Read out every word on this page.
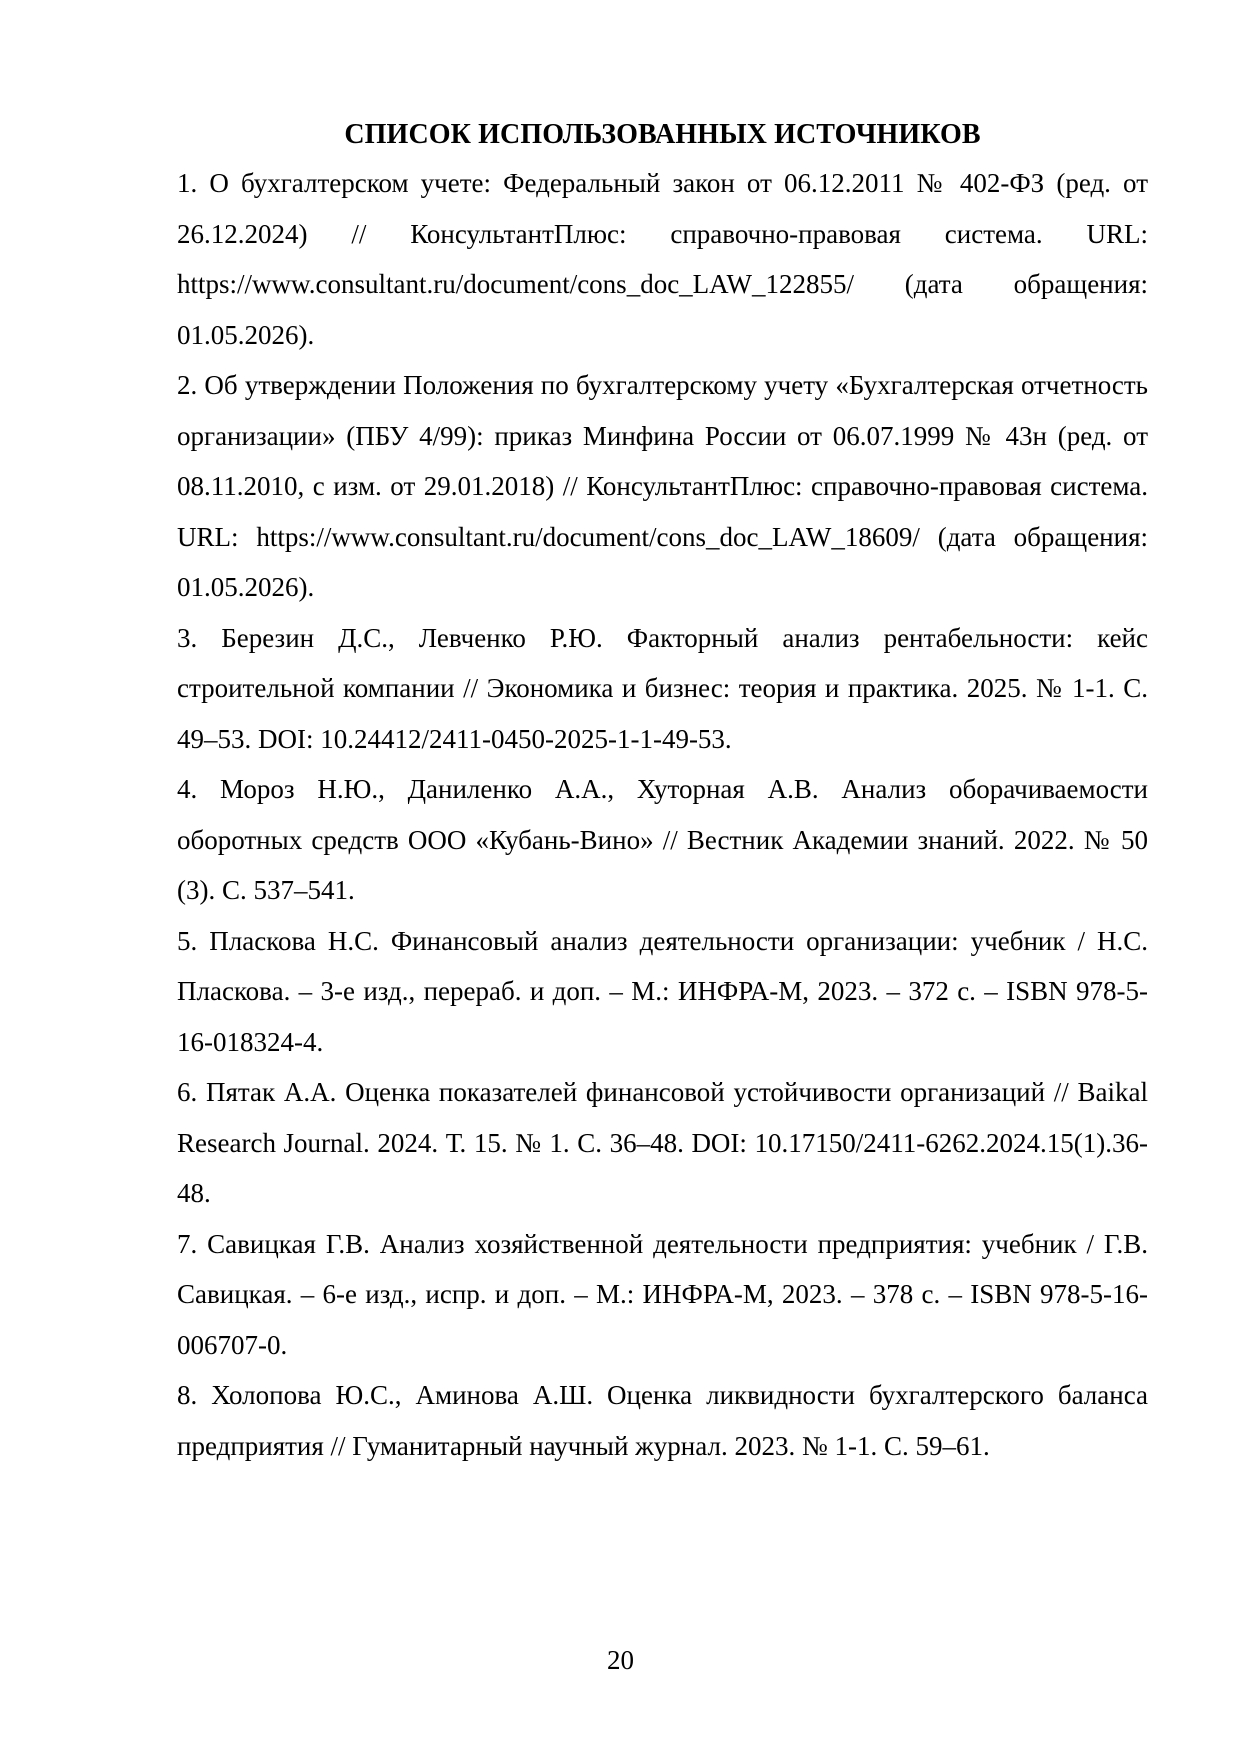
СПИСОК ИСПОЛЬЗОВАННЫХ ИСТОЧНИКОВ
1. О бухгалтерском учете: Федеральный закон от 06.12.2011 № 402-ФЗ (ред. от 26.12.2024) // КонсультантПлюс: справочно-правовая система. URL: https://www.consultant.ru/document/cons_doc_LAW_122855/ (дата обращения: 01.05.2026).
2. Об утверждении Положения по бухгалтерскому учету «Бухгалтерская отчетность организации» (ПБУ 4/99): приказ Минфина России от 06.07.1999 № 43н (ред. от 08.11.2010, с изм. от 29.01.2018) // КонсультантПлюс: справочно-правовая система. URL: https://www.consultant.ru/document/cons_doc_LAW_18609/ (дата обращения: 01.05.2026).
3. Березин Д.С., Левченко Р.Ю. Факторный анализ рентабельности: кейс строительной компании // Экономика и бизнес: теория и практика. 2025. № 1-1. С. 49–53. DOI: 10.24412/2411-0450-2025-1-1-49-53.
4. Мороз Н.Ю., Даниленко А.А., Хуторная А.В. Анализ оборачиваемости оборотных средств ООО «Кубань-Вино» // Вестник Академии знаний. 2022. № 50 (3). С. 537–541.
5. Пласкова Н.С. Финансовый анализ деятельности организации: учебник / Н.С. Пласкова. – 3-е изд., перераб. и доп. – М.: ИНФРА-М, 2023. – 372 с. – ISBN 978-5-16-018324-4.
6. Пятак А.А. Оценка показателей финансовой устойчивости организаций // Baikal Research Journal. 2024. Т. 15. № 1. С. 36–48. DOI: 10.17150/2411-6262.2024.15(1).36-48.
7. Савицкая Г.В. Анализ хозяйственной деятельности предприятия: учебник / Г.В. Савицкая. – 6-е изд., испр. и доп. – М.: ИНФРА-М, 2023. – 378 с. – ISBN 978-5-16-006707-0.
8. Холопова Ю.С., Аминова А.Ш. Оценка ликвидности бухгалтерского баланса предприятия // Гуманитарный научный журнал. 2023. № 1-1. С. 59–61.
20
